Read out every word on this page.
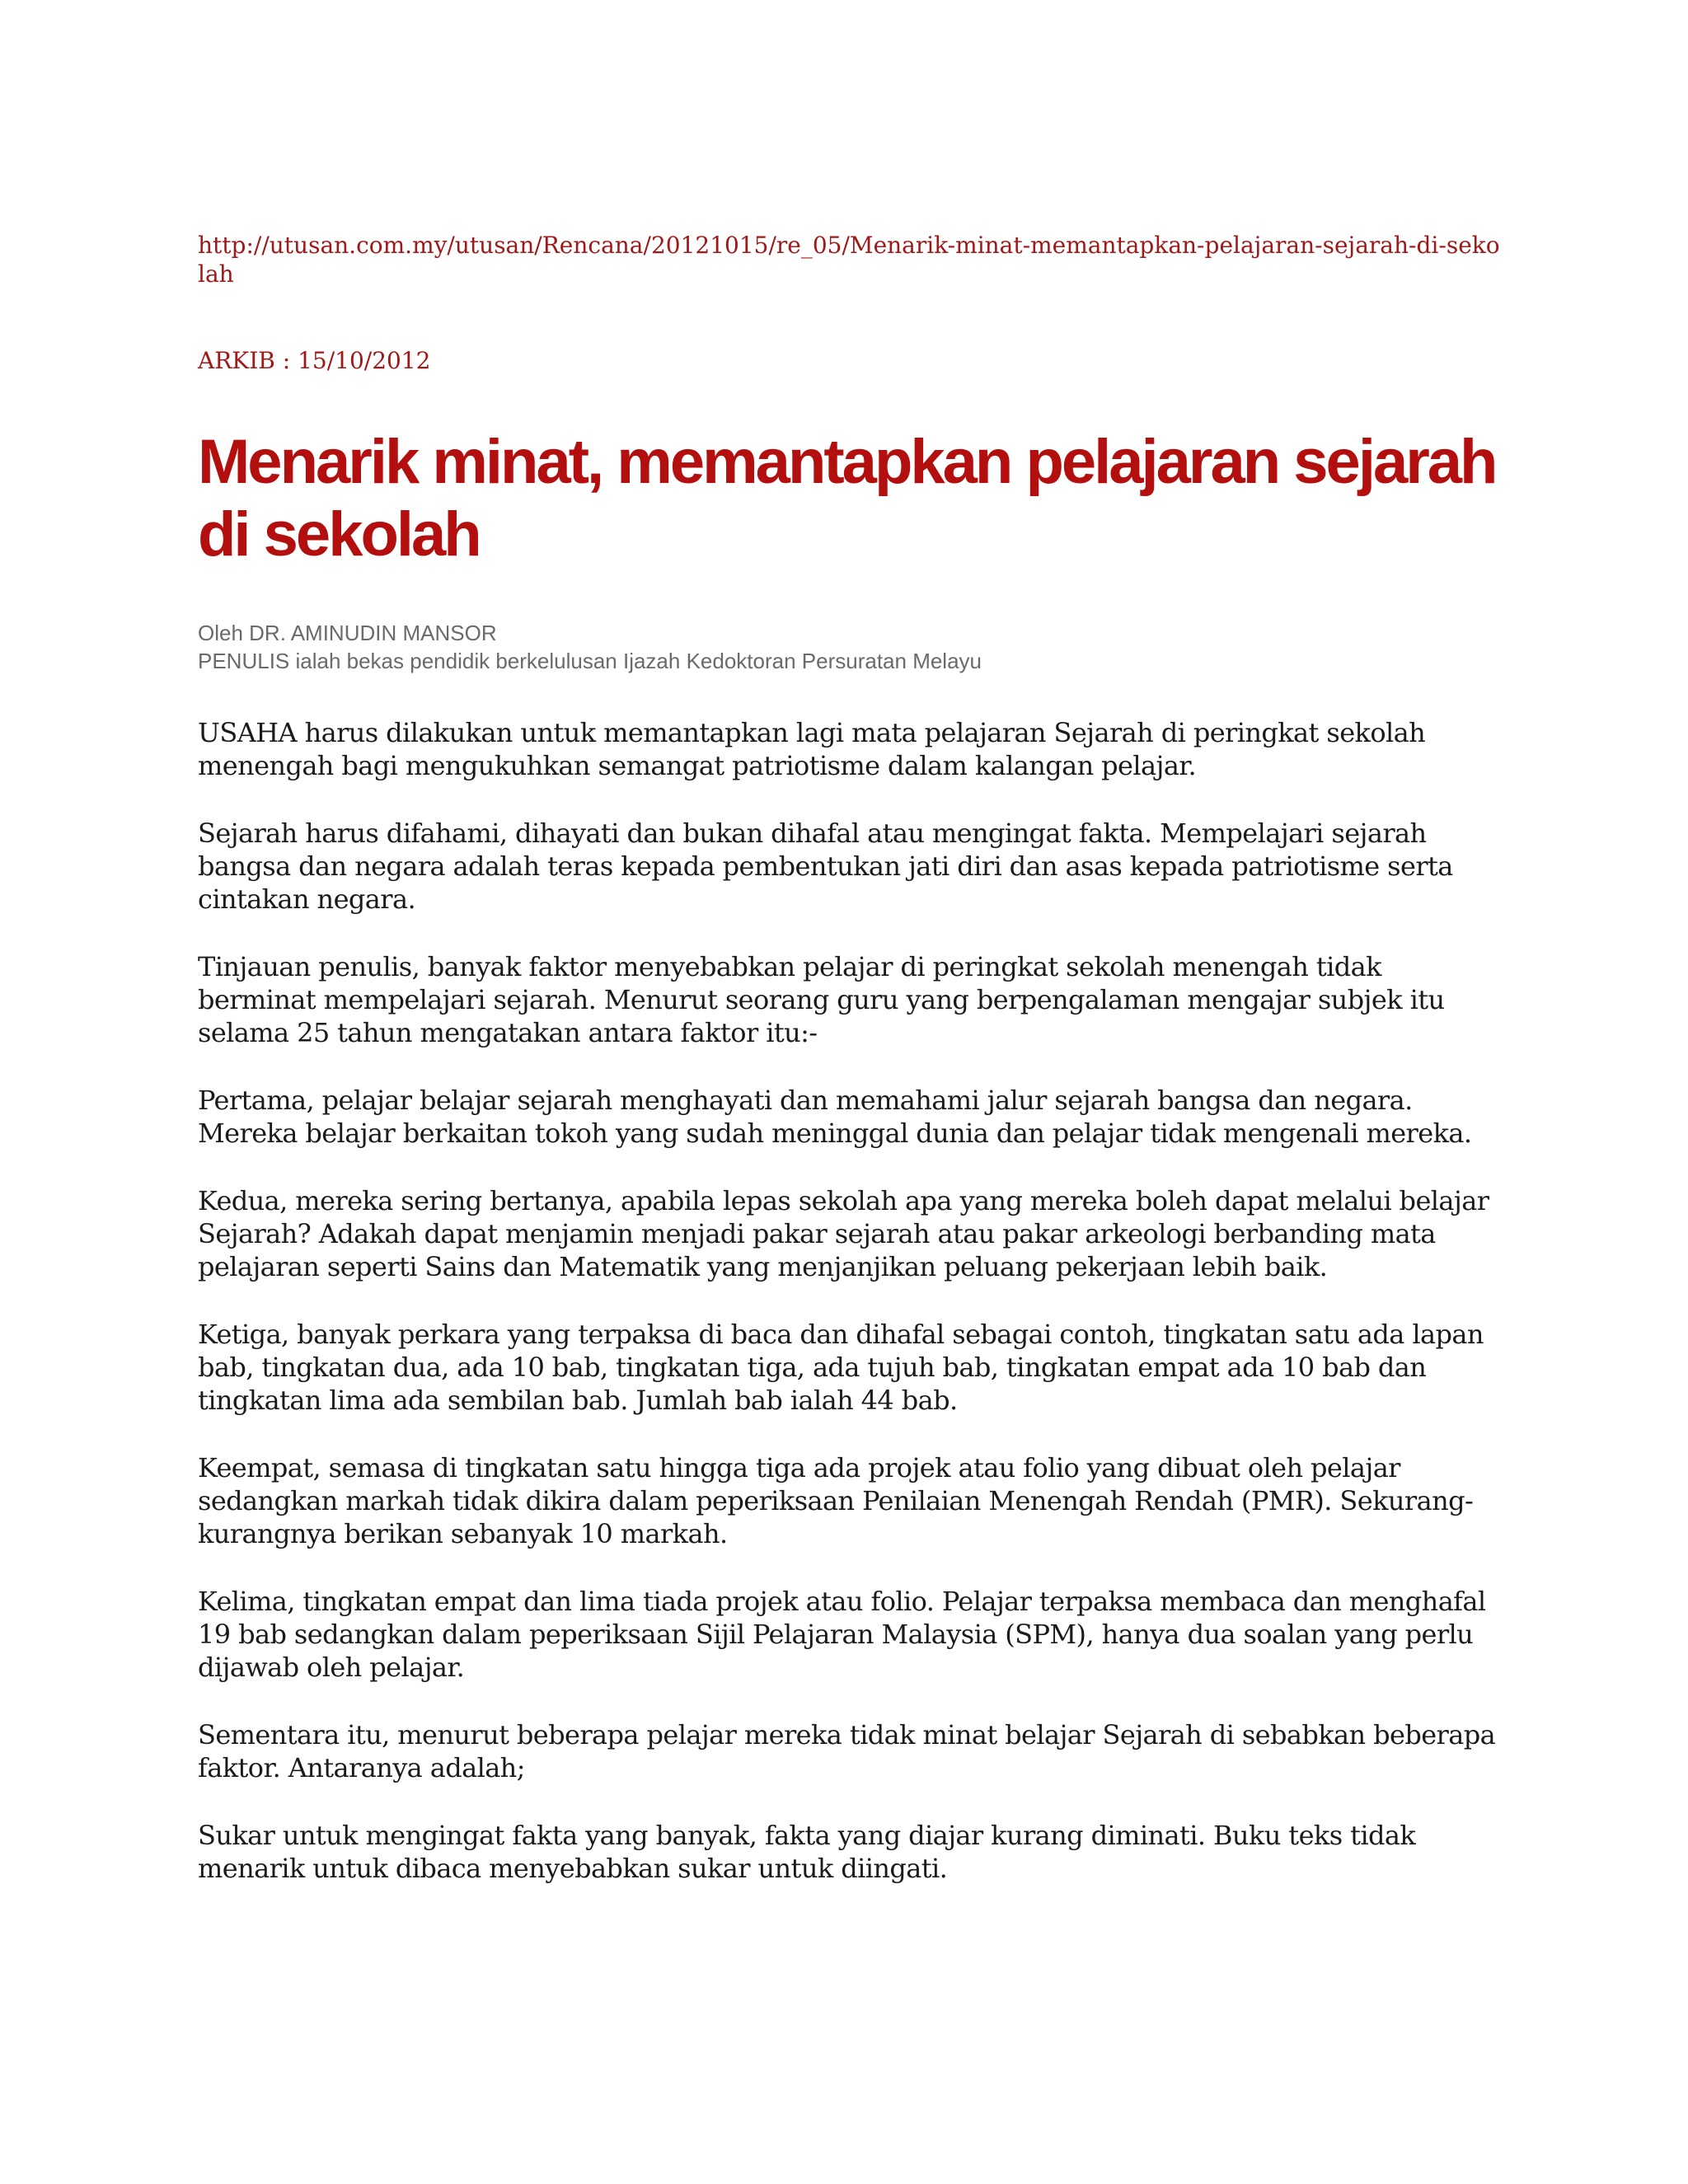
http://utusan.com.my/utusan/Rencana/20121015/re_05/Menarik-minat-memantapkan-pelajaran-sejarah-di-sekolah

ARKIB : 15/10/2012

Menarik minat, memantapkan pelajaran sejarah di sekolah
Oleh DR. AMINUDIN MANSOR
PENULIS ialah bekas pendidik berkelulusan Ijazah Kedoktoran Persuratan Melayu

USAHA harus dilakukan untuk memantapkan lagi mata pelajaran Sejarah di peringkat sekolah menengah bagi mengukuhkan semangat patriotisme dalam kalangan pelajar.

Sejarah harus difahami, dihayati dan bukan dihafal atau mengingat fakta. Mempelajari sejarah bangsa dan negara adalah teras kepada pembentukan jati diri dan asas kepada patriotisme serta cintakan negara.

Tinjauan penulis, banyak faktor menyebabkan pelajar di peringkat sekolah menengah tidak berminat mempelajari sejarah. Menurut seorang guru yang berpengalaman mengajar subjek itu selama 25 tahun mengatakan antara faktor itu:-

Pertama, pelajar belajar sejarah menghayati dan memahami jalur sejarah bangsa dan negara. Mereka belajar berkaitan tokoh yang sudah meninggal dunia dan pelajar tidak mengenali mereka.

Kedua, mereka sering bertanya, apabila lepas sekolah apa yang mereka boleh dapat melalui belajar Sejarah? Adakah dapat menjamin menjadi pakar sejarah atau pakar arkeologi berbanding mata pelajaran seperti Sains dan Matematik yang menjanjikan peluang pekerjaan lebih baik.

Ketiga, banyak perkara yang terpaksa di baca dan dihafal sebagai contoh, tingkatan satu ada lapan bab, tingkatan dua, ada 10 bab, tingkatan tiga, ada tujuh bab, tingkatan empat ada 10 bab dan tingkatan lima ada sembilan bab. Jumlah bab ialah 44 bab.

Keempat, semasa di tingkatan satu hingga tiga ada projek atau folio yang dibuat oleh pelajar sedangkan markah tidak dikira dalam peperiksaan Penilaian Menengah Rendah (PMR). Sekurang-kurangnya berikan sebanyak 10 markah.

Kelima, tingkatan empat dan lima tiada projek atau folio. Pelajar terpaksa membaca dan menghafal 19 bab sedangkan dalam peperiksaan Sijil Pelajaran Malaysia (SPM), hanya dua soalan yang perlu dijawab oleh pelajar.

Sementara itu, menurut beberapa pelajar mereka tidak minat belajar Sejarah di sebabkan beberapa faktor. Antaranya adalah;

Sukar untuk mengingat fakta yang banyak, fakta yang diajar kurang diminati. Buku teks tidak menarik untuk dibaca menyebabkan sukar untuk diingati.
